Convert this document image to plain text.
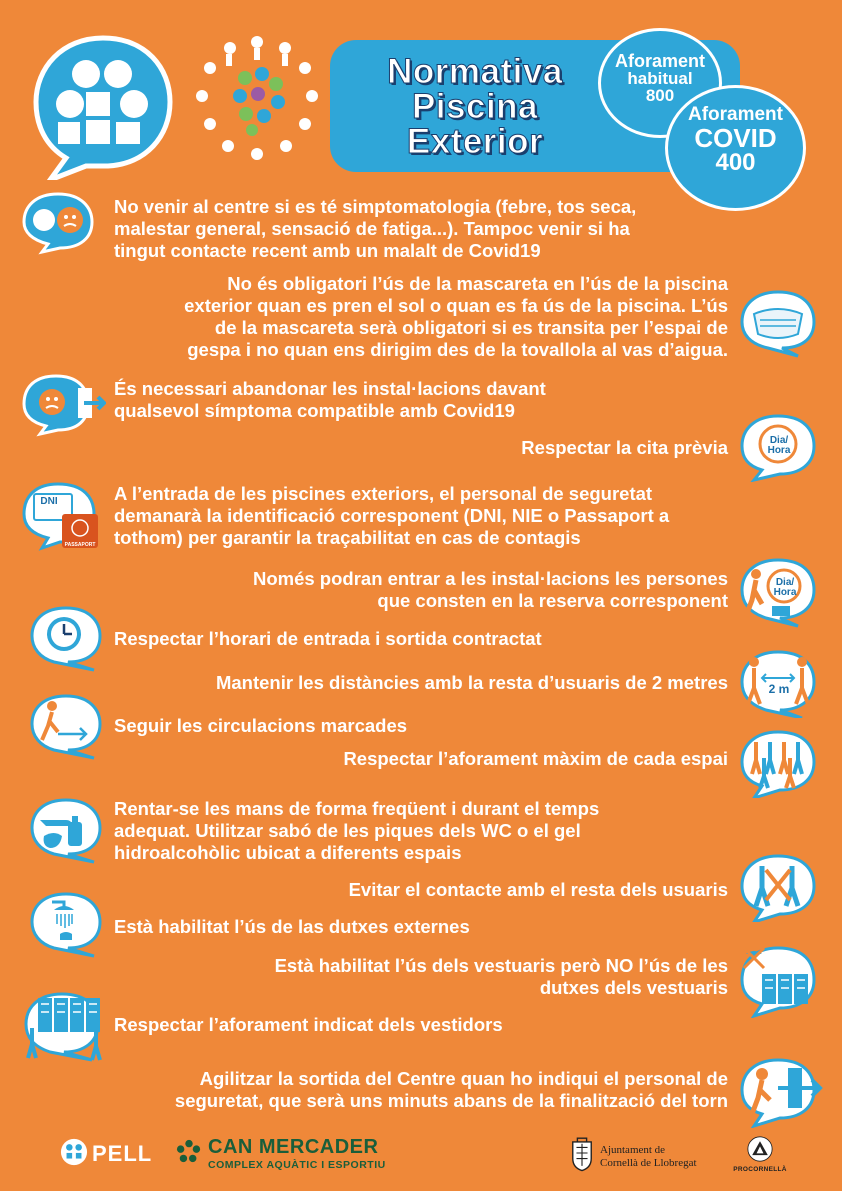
Normativa
Piscina
Exterior
Aforament
habitual
800
Aforament
COVID
400
No venir al centre si es té simptomatologia (febre, tos seca,
malestar general, sensació de fatiga...). Tampoc venir si ha
tingut contacte recent amb un malalt de Covid19
No és obligatori l’ús de la mascareta en l’ús de la piscina
exterior quan es pren el sol o quan es fa ús de la piscina. L’ús
de la mascareta serà obligatori si es transita per l’espai de
gespa i no quan ens dirigim des de la tovallola al vas d’aigua.
És necessari abandonar les instal·lacions davant
qualsevol símptoma compatible amb Covid19
Respectar la cita prèvia	Dia/
Hora
A l’entrada de les piscines exteriors, el personal de seguretat
demanarà la identificació corresponent (DNI, NIE o Passaport a
tothom) per garantir la traçabilitat en cas de contagis
DNI
PASSAPORT
Només podran entrar a les instal·lacions les persones
que consten en la reserva corresponent
Dia/
Hora
Respectar l’horari de entrada i sortida contractat
Mantenir les distàncies amb la resta d’usuaris de 2 metres	2 m
Seguir les circulacions marcades
Respectar l’aforament màxim de cada espai
Rentar-se les mans de forma freqüent i durant el temps
adequat. Utilitzar sabó de les piques dels WC o el gel
hidroalcohòlic ubicat a diferents espais
Evitar el contacte amb el resta dels usuaris
Està habilitat l’ús de las dutxes externes
Està habilitat l’ús dels vestuaris però NO l’ús de les
dutxes dels vestuaris
Respectar l’aforament indicat dels vestidors
Agilitzar la sortida del Centre quan ho indiqui el personal de
seguretat, que serà uns minuts abans de la finalització del torn
PELL	CAN MERCADER
COMPLEX AQUÀTIC I ESPORTIU
Ajuntament de
Cornellà de Llobregat
PROCORNELLÀ
